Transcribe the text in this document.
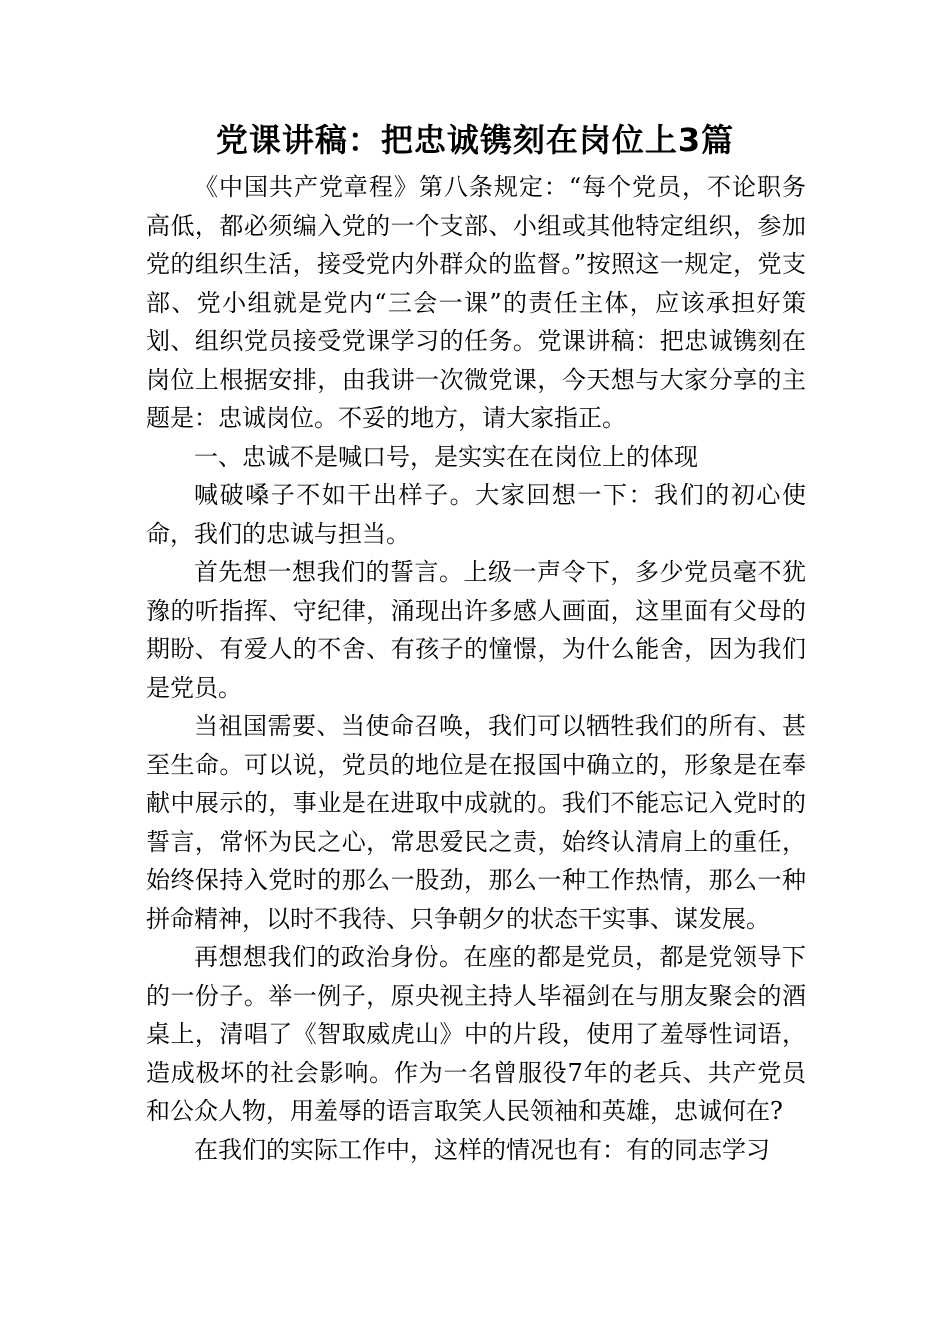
党课讲稿：把忠诚镌刻在岗位上3篇

《中国共产党章程》第八条规定：“每个党员，不论职务高低，都必须编入党的一个支部、小组或其他特定组织，参加党的组织生活，接受党内外群众的监督。”按照这一规定，党支部、党小组就是党内“三会一课”的责任主体，应该承担好策划、组织党员接受党课学习的任务。党课讲稿：把忠诚镌刻在岗位上根据安排，由我讲一次微党课，今天想与大家分享的主题是：忠诚岗位。不妥的地方，请大家指正。

一、忠诚不是喊口号，是实实在在岗位上的体现

喊破嗓子不如干出样子。大家回想一下：我们的初心使命，我们的忠诚与担当。

首先想一想我们的誓言。上级一声令下，多少党员毫不犹豫的听指挥、守纪律，涌现出许多感人画面，这里面有父母的期盼、有爱人的不舍、有孩子的憧憬，为什么能舍，因为我们是党员。

当祖国需要、当使命召唤，我们可以牺牲我们的所有、甚至生命。可以说，党员的地位是在报国中确立的，形象是在奉献中展示的，事业是在进取中成就的。我们不能忘记入党时的誓言，常怀为民之心，常思爱民之责，始终认清肩上的重任，始终保持入党时的那么一股劲，那么一种工作热情，那么一种拼命精神，以时不我待、只争朝夕的状态干实事、谋发展。

再想想我们的政治身份。在座的都是党员，都是党领导下的一份子。举一例子，原央视主持人毕福剑在与朋友聚会的酒桌上，清唱了《智取威虎山》中的片段，使用了羞辱性词语，造成极坏的社会影响。作为一名曾服役7年的老兵、共产党员和公众人物，用羞辱的语言取笑人民领袖和英雄，忠诚何在?

在我们的实际工作中，这样的情况也有：有的同志学习
